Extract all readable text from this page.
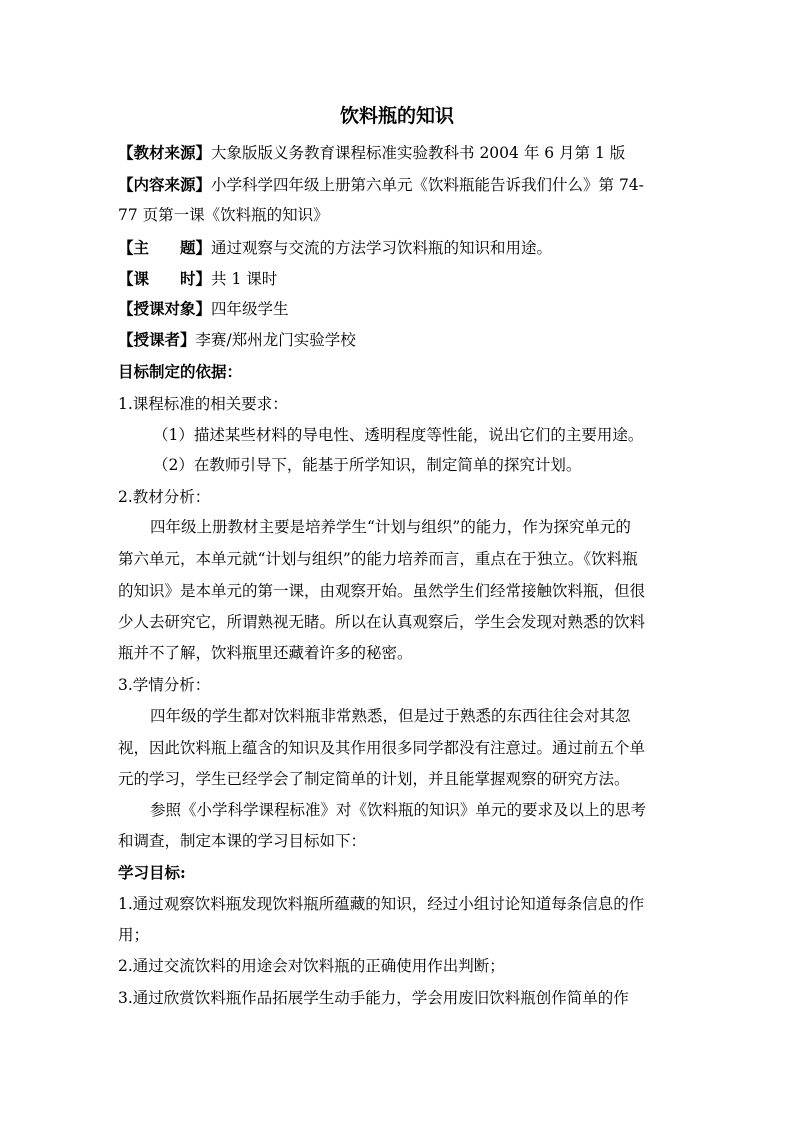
饮料瓶的知识
【教材来源】大象版版义务教育课程标准实验教科书 2004 年 6 月第 1 版
【内容来源】小学科学四年级上册第六单元《饮料瓶能告诉我们什么》第 74-
77 页第一课《饮料瓶的知识》
【主　　题】通过观察与交流的方法学习饮料瓶的知识和用途。
【课　　时】共 1 课时
【授课对象】四年级学生
【授课者】李赛/郑州龙门实验学校
目标制定的依据：
1.课程标准的相关要求：
（1）描述某些材料的导电性、透明程度等性能，说出它们的主要用途。
（2）在教师引导下，能基于所学知识，制定简单的探究计划。
2.教材分析：
四年级上册教材主要是培养学生“计划与组织”的能力，作为探究单元的
第六单元，本单元就“计划与组织”的能力培养而言，重点在于独立。《饮料瓶
的知识》是本单元的第一课，由观察开始。虽然学生们经常接触饮料瓶，但很
少人去研究它，所谓熟视无睹。所以在认真观察后，学生会发现对熟悉的饮料
瓶并不了解，饮料瓶里还藏着许多的秘密。
3.学情分析：
四年级的学生都对饮料瓶非常熟悉，但是过于熟悉的东西往往会对其忽
视，因此饮料瓶上蕴含的知识及其作用很多同学都没有注意过。通过前五个单
元的学习，学生已经学会了制定简单的计划，并且能掌握观察的研究方法。
参照《小学科学课程标准》对《饮料瓶的知识》单元的要求及以上的思考
和调查，制定本课的学习目标如下：
学习目标:
1.通过观察饮料瓶发现饮料瓶所蕴藏的知识，经过小组讨论知道每条信息的作
用；
2.通过交流饮料的用途会对饮料瓶的正确使用作出判断；
3.通过欣赏饮料瓶作品拓展学生动手能力，学会用废旧饮料瓶创作简单的作
